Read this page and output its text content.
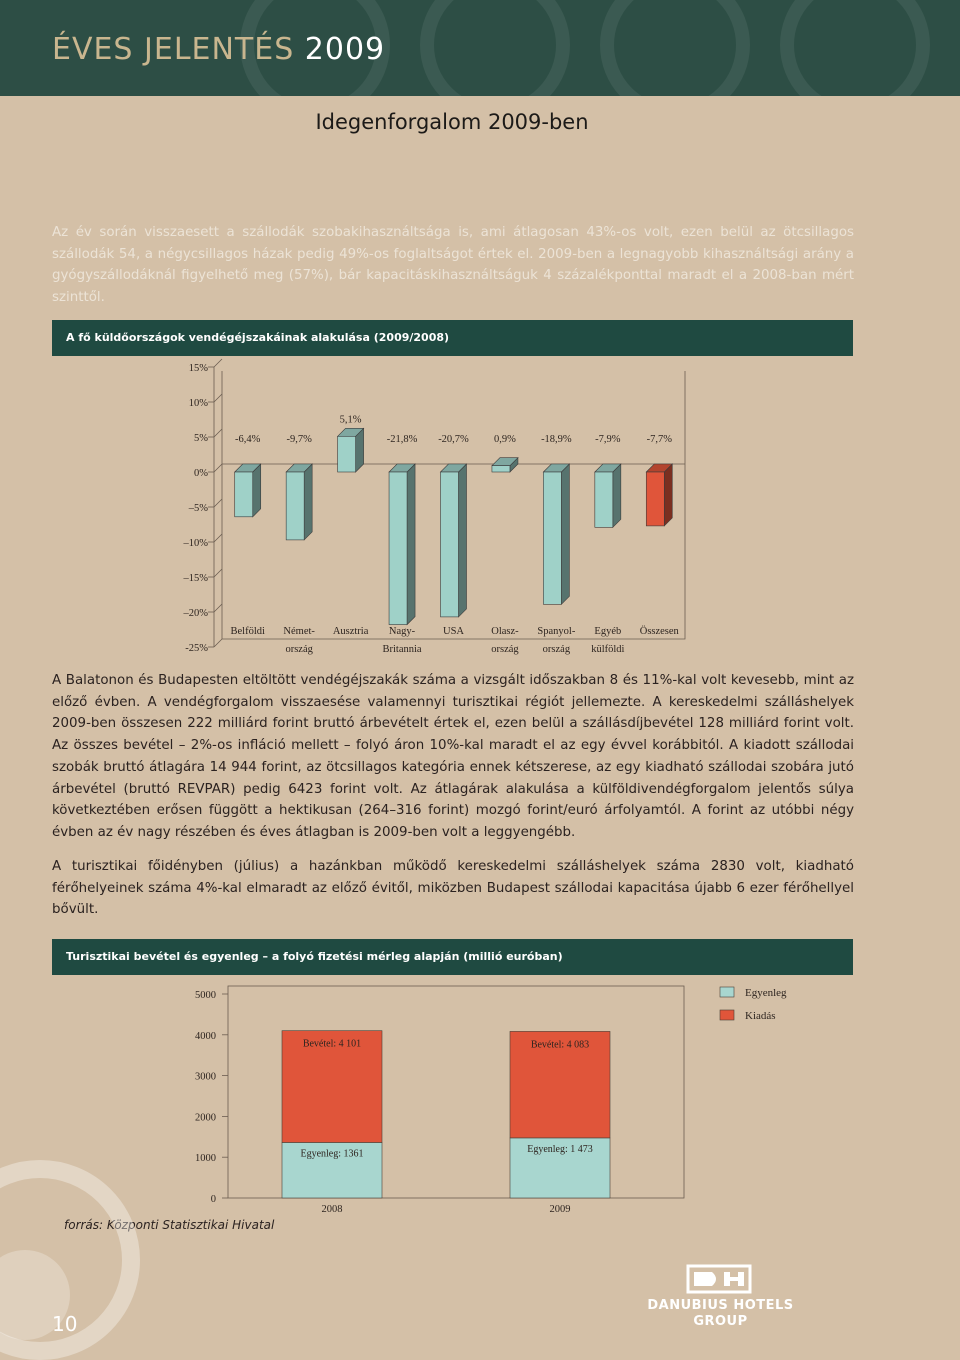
ÉVES JELENTÉS 2009
Idegenforgalom 2009-ben
Az év során visszaesett a szállodák szobakihasználtsága is, ami átlagosan 43%-os volt, ezen belül az ötcsillagos szállodák 54, a négycsillagos házak pedig 49%-os foglaltságot értek el. 2009-ben a legnagyobb kihasználtsági arány a gyógyszállodáknál figyelhető meg (57%), bár kapacitáskihasználtságuk 4 százalékponttal maradt el a 2008-ban mért szinttől.
A fő küldőországok vendégéjszakáinak alakulása (2009/2008)
15%
10%
5%
0%
–5%
–10%
–15%
–20%
-25%
-6,4%
Belföldi
-9,7%
Német-
ország
5,1%
Ausztria
-21,8%
Nagy-
Britannia
-20,7%
USA
0,9%
Olasz-
ország
-18,9%
Spanyol-
ország
-7,9%
Egyéb
külföldi
-7,7%
Összesen
A Balatonon és Budapesten eltöltött vendégéjszakák száma a vizsgált időszakban 8 és 11%-kal volt kevesebb, mint az előző évben. A vendégforgalom visszaesése valamennyi turisztikai régiót jellemezte. A kereskedelmi szálláshelyek 2009-ben összesen 222 milliárd forint bruttó árbevételt értek el, ezen belül a szállásdíjbevétel 128 milliárd forint volt. Az összes bevétel – 2%-os infláció mellett – folyó áron 10%-kal maradt el az egy évvel korábbitól. A kiadott szállodai szobák bruttó átlagára 14 944 forint, az ötcsillagos kategória ennek kétszerese, az egy kiadható szállodai szobára jutó árbevétel (bruttó REVPAR) pedig 6423 forint volt. Az átlagárak alakulása a külföldivendégforgalom jelentős súlya következtében erősen függött a hektikusan (264–316 forint) mozgó forint/euró árfolyamtól. A forint az utóbbi négy évben az év nagy részében és éves átlagban is 2009-ben volt a leggyengébb.
A turisztikai főidényben (július) a hazánkban működő kereskedelmi szálláshelyek száma 2830 volt, kiadható férőhelyeinek száma 4%-kal elmaradt az előző évitől, miközben Budapest szállodai kapacitása újabb 6 ezer férőhellyel bővült.
Turisztikai bevétel és egyenleg – a folyó fizetési mérleg alapján (millió euróban)
5000
4000
3000
2000
1000
0
Egyenleg: 1361
Bevétel: 4 101
2008
Egyenleg: 1 473
Bevétel: 4 083
2009
Egyenleg
Kiadás
forrás: Központi Statisztikai Hivatal
10
DANUBIUS HOTELS
GROUP
